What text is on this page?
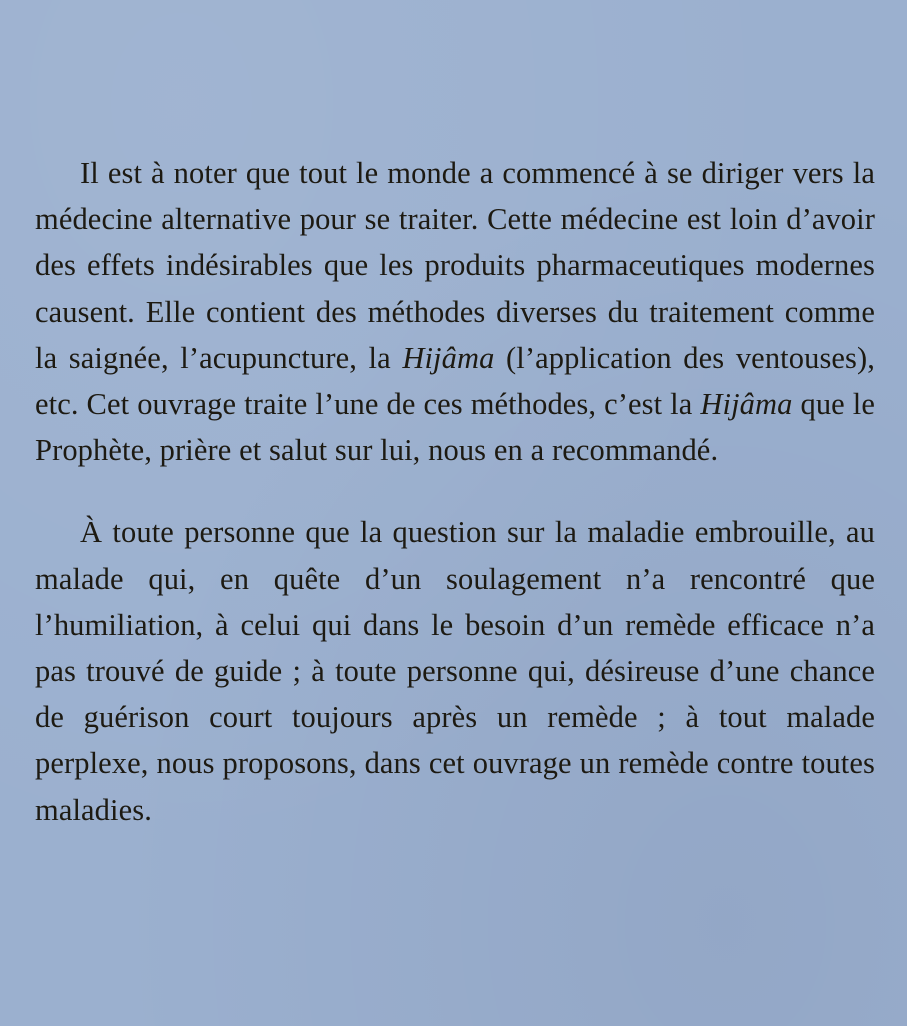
Il est à noter que tout le monde a commencé à se diriger vers la médecine alternative pour se traiter. Cette médecine est loin d’avoir des effets indésirables que les produits pharmaceutiques modernes causent. Elle contient des méthodes diverses du traitement comme la saignée, l’acupuncture, la Hijâma (l’application des ventouses), etc. Cet ouvrage traite l’une de ces méthodes, c’est la Hijâma que le Prophète, prière et salut sur lui, nous en a recommandé.

À toute personne que la question sur la maladie embrouille, au malade qui, en quête d’un soulagement n’a rencontré que l’humiliation, à celui qui dans le besoin d’un remède efficace n’a pas trouvé de guide ; à toute personne qui, désireuse d’une chance de guérison court toujours après un remède ; à tout malade perplexe, nous proposons, dans cet ouvrage un remède contre toutes maladies.
